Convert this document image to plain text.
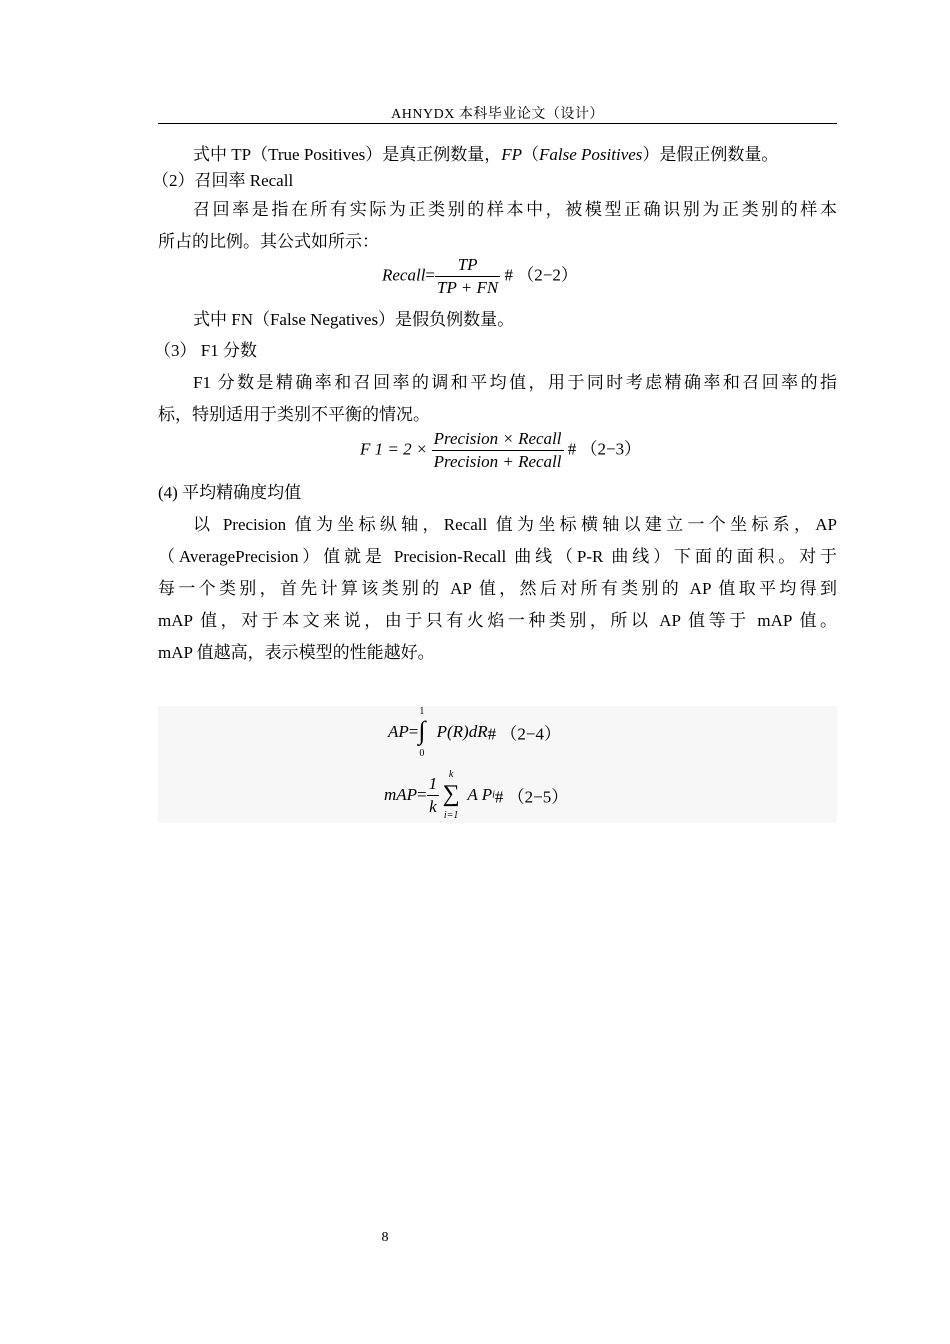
AHNYDX 本科毕业论文（设计）
式中 TP（True Positives）是真正例数量，FP（False Positives）是假正例数量。
（2）召回率 Recall
召回率是指在所有实际为正类别的样本中，被模型正确识别为正类别的样本
所占的比例。其公式如所示：
Recall= $\frac{TP}{TP + FN}$ # （2−2）
式中 FN（False Negatives）是假负例数量。
（3） F1 分数
F1 分数是精确率和召回率的调和平均值，用于同时考虑精确率和召回率的指
标，特别适用于类别不平衡的情况。
F $1 = 2 \times \frac{\text{Precision × Recall}}{\text{Precision + Recall}}$ # （2−3）
(4) 平均精确度均值
以 Precision 值为坐标纵轴，Recall 值为坐标横轴以建立一个坐标系，AP
（AveragePrecision）值就是 Precision-Recall 曲线（P-R 曲线）下面的面积。对于
每一个类别，首先计算该类别的 AP 值，然后对所有类别的 AP 值取平均得到
mAP 值，对于本文来说，由于只有火焰一种类别，所以 AP 值等于 mAP 值。
mAP 值越高，表示模型的性能越好。
AP=
1
∫
0
P(R)dR# （2−4）
$mAP= \frac{1}{k}$ k
∑
i=1
A Pi# （2−5）
8
